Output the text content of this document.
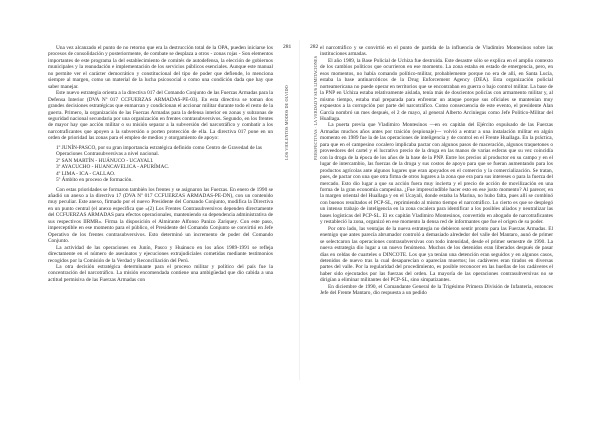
Una vez alcanzado el punto de no retorno que era la destrucción total de la OPA, pueden iniciarse los procesos de consolidación y posteriormente, de combate se desplaza a otros - zonas rojas - Son elementos importantes de este programa la del establecimiento de comités de autodefensa, la elección de gobiernos municipales y la reanudación e implementación de los servicios públicos esenciales. Aunque este manual no permite ver el carácter democrático y constitucional del tipo de poder que defiende, lo menciona siempre al margen, como un material de la lucha psicosocial o como una condición dada que hay que saber manejar.

Este nuevo estrategia orienta a la directiva 017 del Comando Conjunto de las Fuerzas Armadas para la Defensa Interior (DVA Nº 017 CCFUERZAS ARMADAS-PE-03). En esta directiva se toman dos grandes decisiones estratégicas que enmarcan y condicionan el accionar militar durante todo el resto de la guerra. Primero, la organización de las Fuerzas Armadas para la defensa interior en zonas y subzonas de seguridad nacional secundaria por una organización en frentes contrasubversivos. Segundo, en los frentes de mayor hay que acción militar o su misión separar a la subversión del narcotráfico y combatir a los narcotraficantes que apoyen a la subversión o porten protección de ella. La directiva 017 pone en un orden de prioridad las zonas para el empleo de medios y otorgamiento de apoyo:

1º JUNÍN-PASCO, por su gran importancia estratégica definido como Centro de Gravedad de las Operaciones Contrasubversivas a nivel nacional.
2º SAN MARTÍN - HUÁNUCO - UCAYALI.
3º AYACUCHO - HUANCAVELICA - APURÍMAC.
4º LIMA - ICA - CALLAO.
5º Ámbito en proceso de formación.

Con estas prioridades se formaron también los frentes y se asignaron las Fuerzas. En enero de 1990 se añadió un anexo a la directiva 17 (DVA Nº 017 CCFUERZAS ARMADAS-PE-DN), con un contenido muy peculiar. Este anexo, firmado por el nuevo Presidente del Comando Conjunto, modifica la Directiva en un punto central (el anexo especifica que «(2) Los Frentes Contrasubversivos dependen directamente del CCFUERZAS ARMADAS para efectos operacionales, manteniendo su dependencia administrativa de sus respectivos IIRMR». Firma la disposición el Almirante Alfonso Panizo Zariquey. Con este paso, imperceptible en ese momento para el público, el Presidente del Comando Conjunto se convirtió en Jefe Operativo de los frentes contrasubversivos. Esto determinó un incremento de poder del Comando Conjunto.

La actividad de las operaciones en Junín, Pasco y Huánuco en los años 1989-1991 se refleja directamente en el número de asesinatos y ejecuciones extrajudiciales cometidas mediante testimonios recogidos por la Comisión de la Verdad y Reconciliación del Perú.

La otra decisión estratégica determinante para el proceso militar y político del país fue la concentración del narcotráfico. La misión encomendada contiene una ambigüedad que dio cabida a una actitud permisiva de las Fuerzas Armadas con

281
LOS VIOLENTOS MODOS DE OLVIDO
282
PERSPECTIVAS · LA VERDAD Y SUS LIMITACIONES

el narcotráfico y se convirtió en el punto de partida de la influencia de Vladimiro Montesinos sobre las instituciones armadas.

El año 1989, la Base Policial de Uchiza fue destruida. Este desastre sólo se explica en el amplio contexto de los cambios políticos que ocurrieron en ese momento. La zona estaba en estado de emergencia, pero, en esos momentos, no había comando político-militar, probablemente porque no era de allí, en Santa Lucía, estaba la base antinarcóticos de la Drug Enforcement Agency (DEA). Esta organización policial norteamericana no puede operar en territorios que se encontraban en guerra o bajo control militar. La base de la PNP en Uchiza estaba relativamente aislada, tenía más de doscientos policías con armamento militar y, al mismo tiempo, estaba mal preparada para enfrentar un ataque porque sus oficiales se mantenían muy expuestos a la corrupción por parte del narcotráfico. Como consecuencia de este evento, el presidente Alan García nombró un mes después, el 2 de mayo, al general Alberto Arciniegas como Jefe Político-Militar del Huallaga.

La puerta previa que Vladimiro Montesinos —en ex capitán del Ejército expulsado de las Fuerzas Armadas muchos años antes por traición (espionaje)— volvió a entrar a una instalación militar en algún momento en 1989 fue la de las operaciones de inteligencia y de control en el Frente Huallaga. En la práctica, para que en el campesino cocalero implicaba pactar con algunos pasos de maceración, algunos traquetones o proveedores del cartel y el lucrativo precio de la droga en las manos de varias esferas que su vez coincidía con la droga de la época de los años de la base de la PNP. Entre los precios al productor en su campo y en el lugar de intercambio, las fuerzas de la droga y sus costos de apoyo para que se fueran aumentando para los productos agrícolas ante algunos lugares que eran apoyados en el comercio y la comercialización. Se tratan, pues, de pactar con una que otra firma de otros lugares a la zona que era para sus intereses o para la fuerza del mercado. Esto dio lugar a que su acción fuera muy incierta y el precio de acción de movilización en una forma de la gran economía campesina. ¿Fue imprescindible hacer esto en ese justo momento? Al parecer, en la margen oriental del Huallaga y en el Ucayali, donde estaba la Marina, no hubo falta, pues allí se combinó con buenos resultados el PCP-SL, reprimiendo al mismo tiempo el narcotráfico. Lo cierto es que se desplegó un intenso trabajo de inteligencia en la zona cocalera para identificar a los posibles aliados y neutralizar las bases logísticas del PCP-SL. El ex capitán Vladimiro Montesinos, convertido en abogado de narcotraficantes y restableció la zona, organizó en ese momento la densa red de informantes que fue el origen de su poder.

Por otro lado, las ventajas de la nueva estrategia no debieron sentir pronto para las Fuerzas Armadas. El enemigo que antes parecía abrumador controló a demasiado alrededor del valle del Mantaro, aunó de primer se selectcaron las operaciones contrasubversivas con todo intensidad, desde el primer semestre de 1990. La nueva estrategia dio lugar a un nuevo fenómeno. Muchos de los detenidos eran liberados después de pasar días en celdas de cuarteles o DINCOTE. Los que ya tenían una detención eran seguidos y en algunos casos, detenidos de nuevo tras la cual desaparecían o aparecían muertos; los cadáveres eran tirados en diversas partes del valle. Por la regularidad del procedimiento, es posible reconocer en las huellas de los cadáveres el haber sido ejecutados por las fuerzas del orden. La mayoría de las operaciones contrasubversivas no se dirigían a eliminar militantes del PCP-SL, sino simpatizantes.

En diciembre de 1990, el Comandante General de la Trigésimo Primera División de Infantería, entonces Jefe del Frente Mantaro, dio respuesta a un pedido
